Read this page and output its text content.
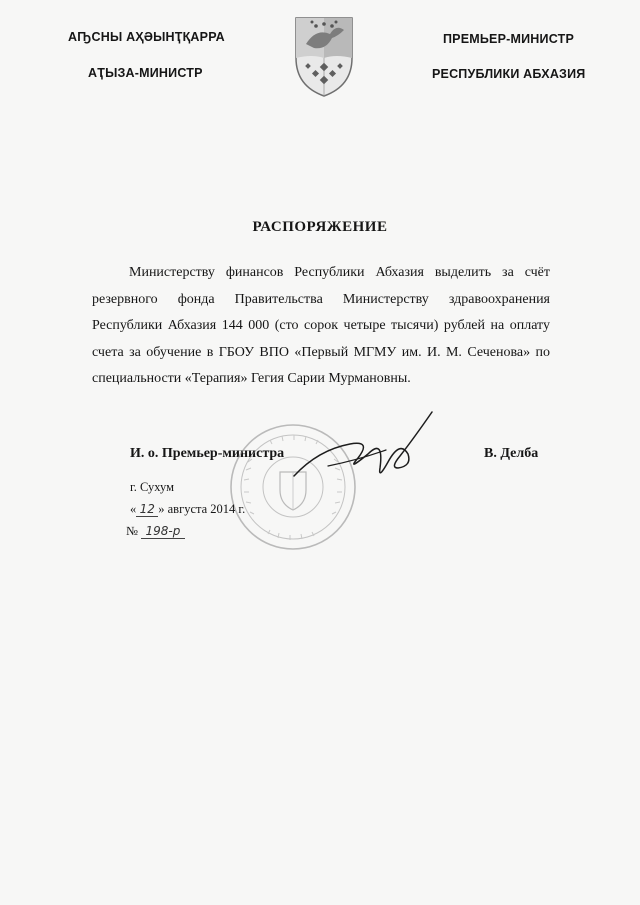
АҦСНЫ АҲӘЫНҬҚАРРА
АҬЫЗА-МИНИСТР
ПРЕМЬЕР-МИНИСТР
РЕСПУБЛИКИ АБХАЗИЯ
РАСПОРЯЖЕНИЕ

Министерству финансов Республики Абхазия выделить за счёт резервного фонда Правительства Министерству здравоохранения Республики Абхазия 144 000 (сто сорок четыре тысячи) рублей на оплату счета за обучение в ГБОУ ВПО «Первый МГМУ им. И. М. Сеченова» по специальности «Терапия» Гегия Сарии Мурмановны.

И. о. Премьер-министра	В. Делба
г. Сухум
« 12 » августа 2014 г.
№ 198-р
